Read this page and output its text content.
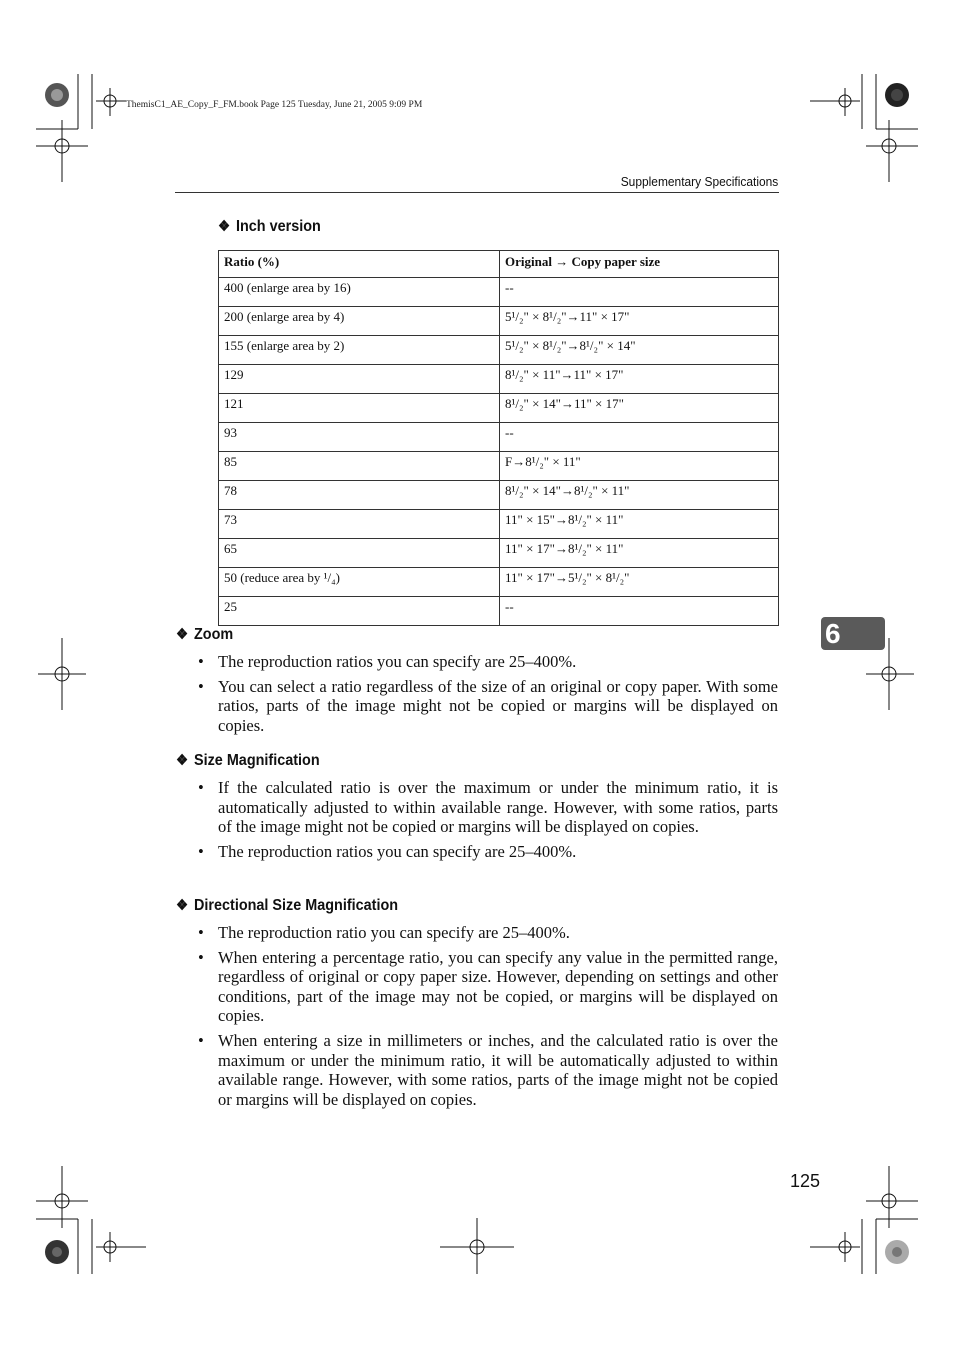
ThemisC1_AE_Copy_F_FM.book Page 125 Tuesday, June 21, 2005 9:09 PM
Supplementary Specifications
❖ Inch version
Ratio (%)	Original → Copy paper size
400 (enlarge area by 16)	--
200 (enlarge area by 4)	5¹/₂" × 8¹/₂"→11" × 17"
155 (enlarge area by 2)	5¹/₂" × 8¹/₂"→8¹/₂" × 14"
129	8¹/₂" × 11"→11" × 17"
121	8¹/₂" × 14"→11" × 17"
93	--
85	F→8¹/₂" × 11"
78	8¹/₂" × 14"→8¹/₂" × 11"
73	11" × 15"→8¹/₂" × 11"
65	11" × 17"→8¹/₂" × 11"
50 (reduce area by ¹/₄)	11" × 17"→5¹/₂" × 8¹/₂"
25	--
6
❖ Zoom
• The reproduction ratios you can specify are 25–400%.
• You can select a ratio regardless of the size of an original or copy paper. With some ratios, parts of the image might not be copied or margins will be displayed on copies.
❖ Size Magnification
• If the calculated ratio is over the maximum or under the minimum ratio, it is automatically adjusted to within available range. However, with some ratios, parts of the image might not be copied or margins will be displayed on copies.
• The reproduction ratios you can specify are 25–400%.
❖ Directional Size Magnification
• The reproduction ratio you can specify are 25–400%.
• When entering a percentage ratio, you can specify any value in the permitted range, regardless of original or copy paper size. However, depending on settings and other conditions, part of the image may not be copied, or margins will be displayed on copies.
• When entering a size in millimeters or inches, and the calculated ratio is over the maximum or under the minimum ratio, it will be automatically adjusted to within available range. However, with some ratios, parts of the image might not be copied or margins will be displayed on copies.
125
